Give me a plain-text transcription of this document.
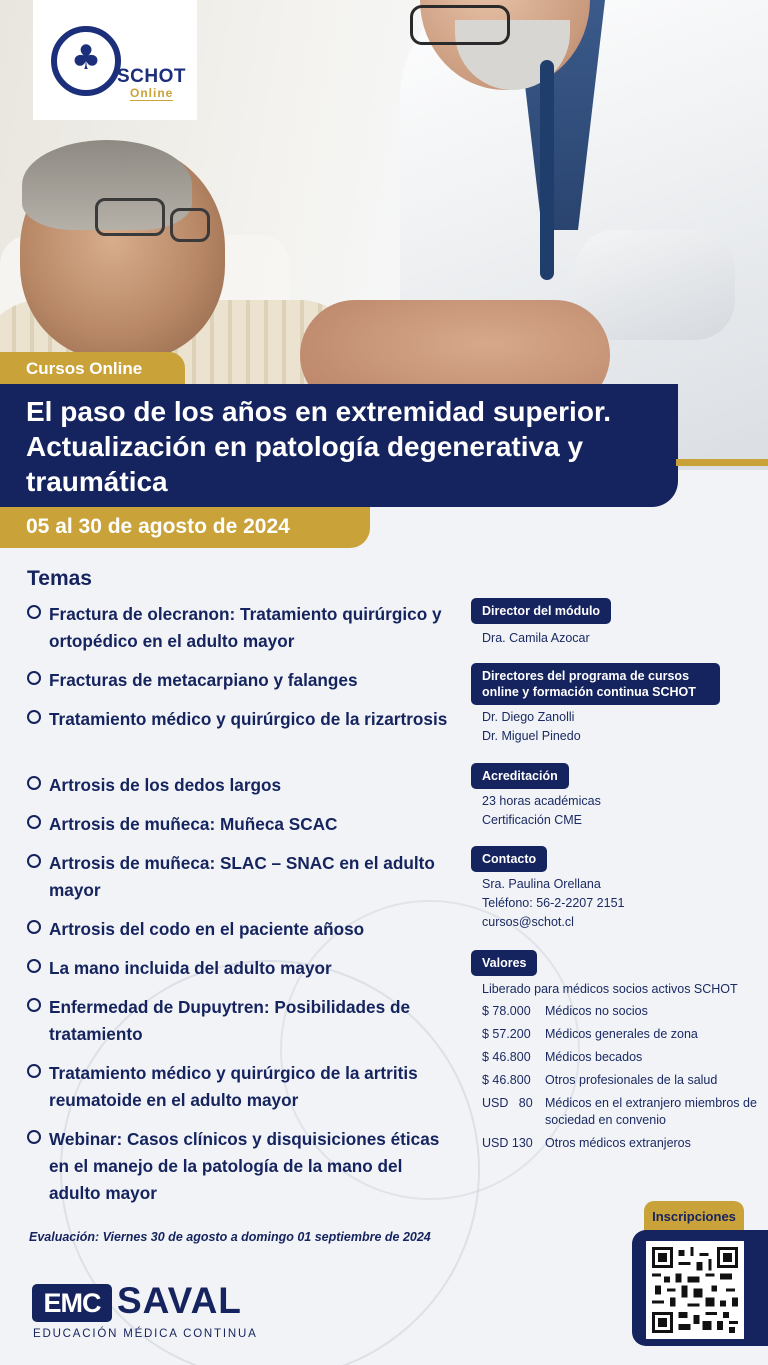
♣ SCHOT
Online
Cursos Online
El paso de los años en extremidad superior. Actualización en patología degenerativa y traumática
05 al 30 de agosto de 2024
Temas
Fractura de olecranon: Tratamiento quirúrgico y ortopédico en el adulto mayor
Fracturas de metacarpiano y falanges
Tratamiento médico y quirúrgico de la rizartrosis
Artrosis de los dedos largos
Artrosis de muñeca: Muñeca SCAC
Artrosis de muñeca: SLAC – SNAC en el adulto mayor
Artrosis del codo en el paciente añoso
La mano incluida del adulto mayor
Enfermedad de Dupuytren: Posibilidades de tratamiento
Tratamiento médico y quirúrgico de la artritis reumatoide en el adulto mayor
Webinar: Casos clínicos y disquisiciones éticas en el manejo de la patología de la mano del adulto mayor
Evaluación: Viernes 30 de agosto a domingo 01 septiembre de 2024
Director del módulo
Dra. Camila Azocar
Directores del programa de cursos online y formación continua SCHOT
Dr. Diego Zanolli
Dr. Miguel Pinedo
Acreditación
23 horas académicas
Certificación CME
Contacto
Sra. Paulina Orellana
Teléfono: 56-2-2207 2151
cursos@schot.cl
Valores
Liberado para médicos socios activos SCHOT
$ 78.000 Médicos no socios
$ 57.200 Médicos generales de zona
$ 46.800 Médicos becados
$ 46.800 Otros profesionales de la salud
USD   80 Médicos en el extranjero miembros de sociedad en convenio
USD 130 Otros médicos extranjeros
Inscripciones
EMC SAVAL
EDUCACIÓN MÉDICA CONTINUA
